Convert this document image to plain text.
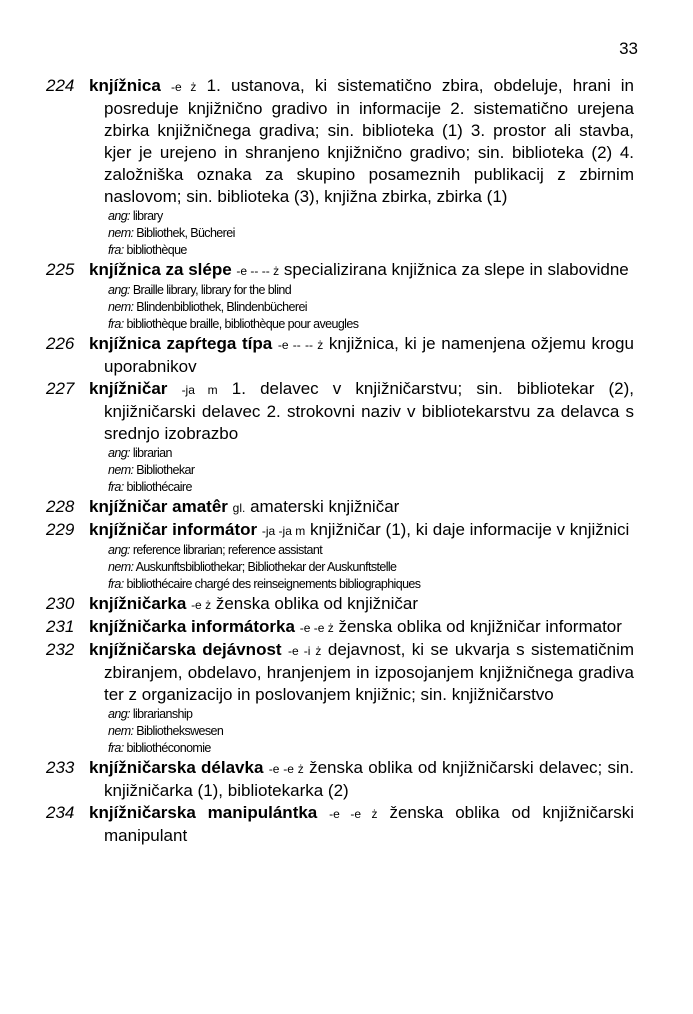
33
224 knjížnica -e ż 1. ustanova, ki sistematično zbira, obdeluje, hrani in posreduje knjižnično gradivo in informacije 2. sistematično urejena zbirka knjižničnega gradiva; sin. biblioteka (1) 3. prostor ali stavba, kjer je urejeno in shranjeno knjižnično gradivo; sin. biblioteka (2) 4. založniška oznaka za skupino posameznih publikacij z zbirnim naslovom; sin. biblioteka (3), knjižna zbirka, zbirka (1)
ang: library
nem: Bibliothek, Bücherei
fra: bibliothèque
225 knjížnica za slépe -e -- -- ż specializirana knjižnica za slepe in slabovidne
ang: Braille library, library for the blind
nem: Blindenbibliothek, Blindenbücherei
fra: bibliothèque braille, bibliothèque pour aveugles
226 knjížnica zapŕtega típa -e -- -- ż knjižnica, ki je namenjena ožjemu krogu uporabnikov
227 knjížničar -ja m 1. delavec v knjižničarstvu; sin. bibliotekar (2), knjižničarski delavec 2. strokovni naziv v bibliotekarstvu za delavca s srednjo izobrazbo
ang: librarian
nem: Bibliothekar
fra: bibliothécaire
228 knjížničar amatêr gl. amaterski knjižničar
229 knjížničar informátor -ja -ja m knjižničar (1), ki daje informacije v knjižnici
ang: reference librarian; reference assistant
nem: Auskunftsbibliothekar; Bibliothekar der Auskunftstelle
fra: bibliothécaire chargé des reinseignements bibliographiques
230 knjížničarka -e ż ženska oblika od knjižničar
231 knjížničarka informátorka -e -e ż ženska oblika od knjižničar informator
232 knjížničarska dejávnost -e -i ż dejavnost, ki se ukvarja s sistematičnim zbiranjem, obdelavo, hranjenjem in izposojanjem knjižničnega gradiva ter z organizacijo in poslovanjem knjižnic; sin. knjižničarstvo
ang: librarianship
nem: Bibliothekswesen
fra: bibliothéconomie
233 knjížničarska délavka -e -e ż ženska oblika od knjižničarski delavec; sin. knjižničarka (1), bibliotekarka (2)
234 knjížničarska manipulántka -e -e ż ženska oblika od knjižničarski manipulant
